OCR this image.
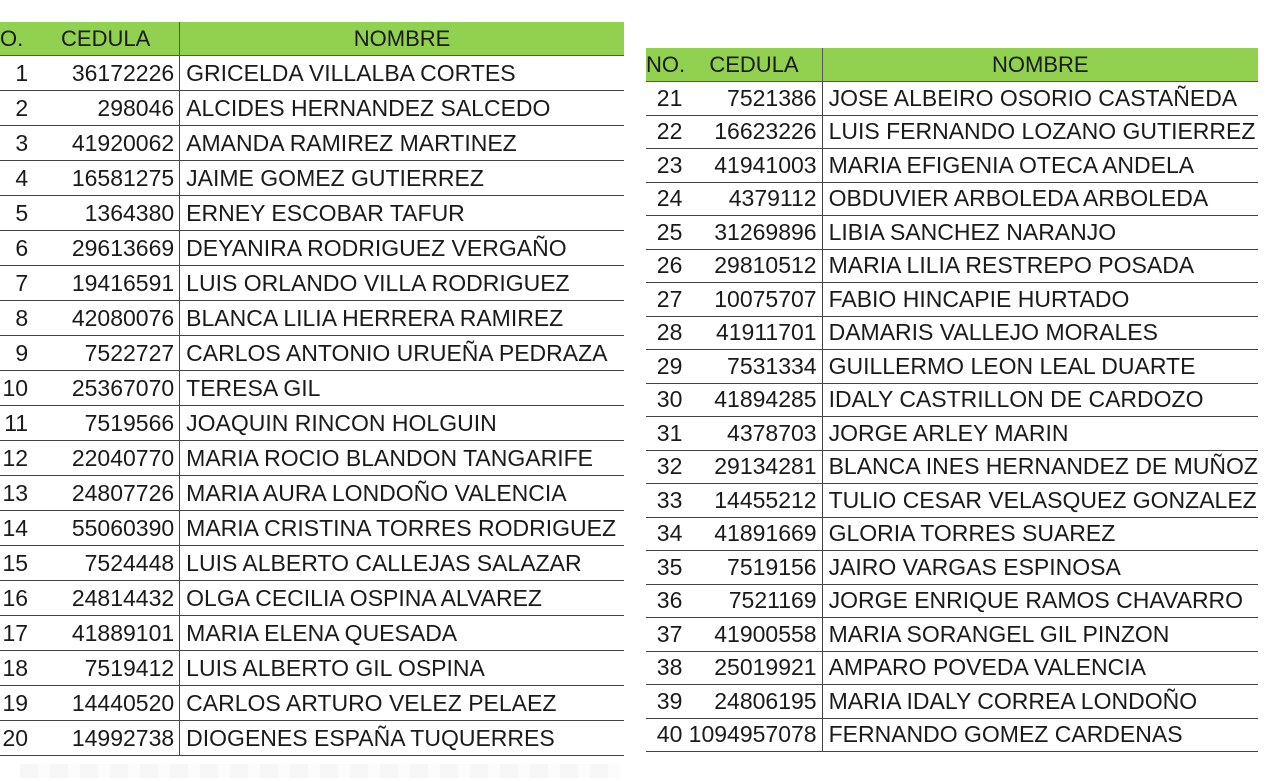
O.	CEDULA	NOMBRE
1	36172226	GRICELDA VILLALBA CORTES
2	298046	ALCIDES HERNANDEZ SALCEDO
3	41920062	AMANDA RAMIREZ MARTINEZ
4	16581275	JAIME GOMEZ GUTIERREZ
5	1364380	ERNEY ESCOBAR TAFUR
6	29613669	DEYANIRA RODRIGUEZ VERGAÑO
7	19416591	LUIS ORLANDO VILLA RODRIGUEZ
8	42080076	BLANCA LILIA HERRERA RAMIREZ
9	7522727	CARLOS ANTONIO URUEÑA PEDRAZA
10	25367070	TERESA GIL
11	7519566	JOAQUIN RINCON HOLGUIN
12	22040770	MARIA ROCIO BLANDON TANGARIFE
13	24807726	MARIA AURA LONDOÑO VALENCIA
14	55060390	MARIA CRISTINA TORRES RODRIGUEZ
15	7524448	LUIS ALBERTO CALLEJAS SALAZAR
16	24814432	OLGA CECILIA OSPINA ALVAREZ
17	41889101	MARIA ELENA QUESADA
18	7519412	LUIS ALBERTO GIL OSPINA
19	14440520	CARLOS ARTURO VELEZ PELAEZ
20	14992738	DIOGENES ESPAÑA TUQUERRES
NO.	CEDULA	NOMBRE
21	7521386	JOSE ALBEIRO OSORIO CASTAÑEDA
22	16623226	LUIS FERNANDO LOZANO GUTIERREZ
23	41941003	MARIA EFIGENIA OTECA ANDELA
24	4379112	OBDUVIER ARBOLEDA ARBOLEDA
25	31269896	LIBIA SANCHEZ NARANJO
26	29810512	MARIA LILIA RESTREPO POSADA
27	10075707	FABIO HINCAPIE HURTADO
28	41911701	DAMARIS VALLEJO MORALES
29	7531334	GUILLERMO LEON LEAL DUARTE
30	41894285	IDALY CASTRILLON DE CARDOZO
31	4378703	JORGE ARLEY MARIN
32	29134281	BLANCA INES HERNANDEZ DE MUÑOZ
33	14455212	TULIO CESAR VELASQUEZ GONZALEZ
34	41891669	GLORIA TORRES SUAREZ
35	7519156	JAIRO VARGAS ESPINOSA
36	7521169	JORGE ENRIQUE RAMOS CHAVARRO
37	41900558	MARIA SORANGEL GIL PINZON
38	25019921	AMPARO POVEDA VALENCIA
39	24806195	MARIA IDALY CORREA LONDOÑO
40	1094957078	FERNANDO GOMEZ CARDENAS
